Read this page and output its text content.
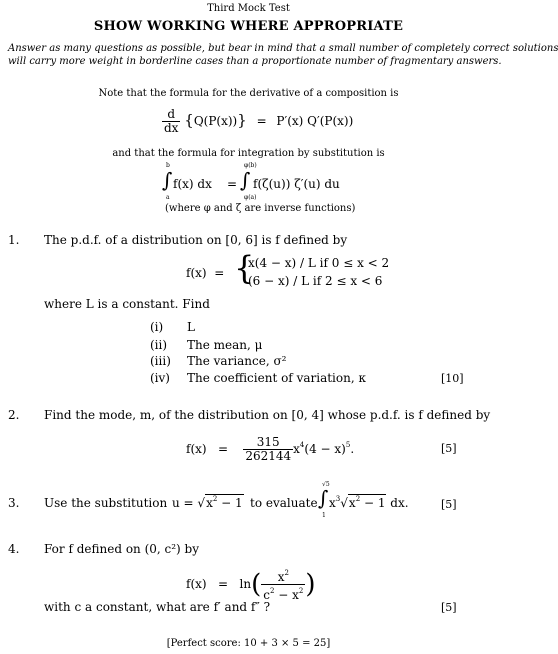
Third Mock Test
SHOW WORKING WHERE APPROPRIATE
Answer as many questions as possible, but bear in mind that a small number of completely correct solutions
will carry more weight in borderline cases than a proportionate number of fragmentary answers.
Note that the formula for the derivative of a composition is
$\frac{d}{dx} \{Q(P(x))\} = P'(x)$ Q′(P(x))
and that the formula for integration by substitution is
b
∫
a
f(x) dx =
φ(b)
∫
φ(a)
f(ζ(u)) ζ′(u) du
(where φ and ζ are inverse functions)
1. The p.d.f. of a distribution on [0, 6] is f defined by
f(x)  = {
x(4 − x) / L if 0 ≤ x < 2
(6 − x) / L if 2 ≤ x < 6
where L is a constant. Find
(i) L
(ii) The mean, μ
(iii) The variance, σ²
(iv) The coefficient of variation, κ	[10]
2. Find the mode, m, of the distribution on [0, 4] whose p.d.f. is f defined by
$f(x) = \frac{315}{262144} x^4(4 - x)^5$.	[5]
3. Use the substitution $u = √x^2 - 1$ to evaluate
√5
∫
1
$x^3√x^2 - 1$ dx.	[5]
4. For f defined on (0, c²) by
$f(x) = \ln( \frac{x^2}{c^2 - x^2}$ )
with c a constant, what are f′ and f″ ?	[5]
[Perfect score: 10 + 3 × 5 = 25]
